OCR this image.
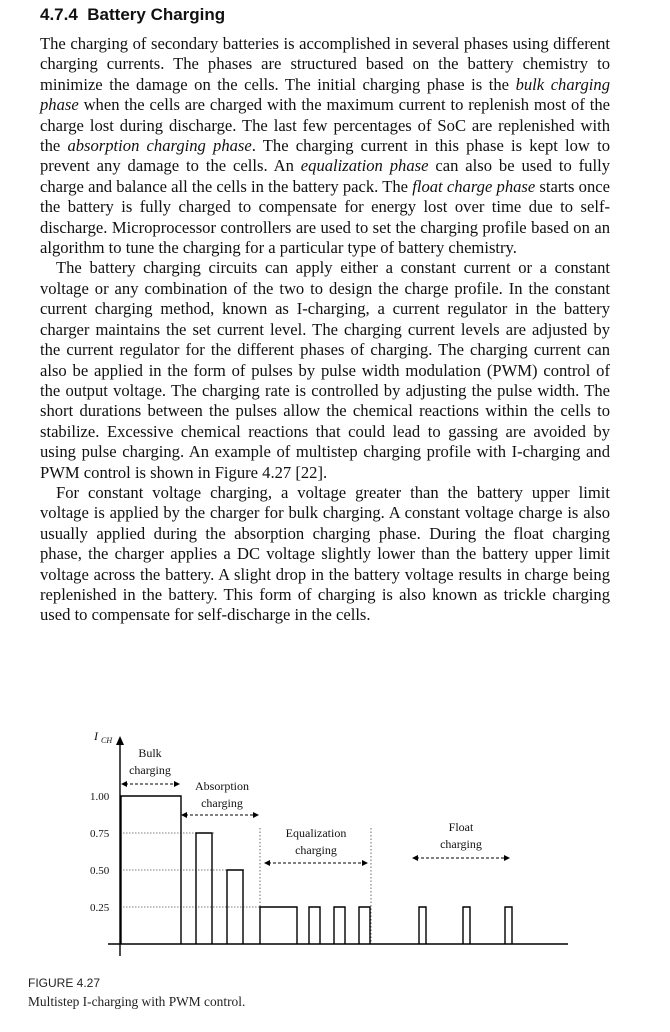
4.7.4 Battery Charging

The charging of secondary batteries is accomplished in several phases using different charging currents. The phases are structured based on the battery chemistry to minimize the damage on the cells. The initial charging phase is the bulk charging phase when the cells are charged with the maximum current to replenish most of the charge lost during discharge. The last few percentages of SoC are replenished with the absorption charging phase. The charging current in this phase is kept low to prevent any damage to the cells. An equalization phase can also be used to fully charge and balance all the cells in the battery pack. The float charge phase starts once the battery is fully charged to compensate for energy lost over time due to self-discharge. Microprocessor controllers are used to set the charging profile based on an algorithm to tune the charging for a particular type of battery chemistry.

The battery charging circuits can apply either a constant current or a constant voltage or any combination of the two to design the charge profile. In the constant current charging method, known as I-charging, a current regulator in the battery charger maintains the set current level. The charging current levels are adjusted by the current regulator for the different phases of charging. The charging current can also be applied in the form of pulses by pulse width modulation (PWM) control of the output voltage. The charging rate is controlled by adjusting the pulse width. The short durations between the pulses allow the chemical reactions within the cells to stabilize. Excessive chemical reactions that could lead to gassing are avoided by using pulse charging. An example of multistep charging profile with I-charging and PWM control is shown in Figure 4.27 [22].

For constant voltage charging, a voltage greater than the battery upper limit voltage is applied by the charger for bulk charging. A constant voltage charge is also usually applied during the absorption charging phase. During the float charging phase, the charger applies a DC voltage slightly lower than the battery upper limit voltage across the battery. A slight drop in the battery voltage results in charge being replenished in the battery. This form of charging is also known as trickle charging used to compensate for self-discharge in the cells.

1.00
0.75
0.50
0.25
I CH
Bulk
charging
Absorption
charging
Equalization
charging
Float
charging
FIGURE 4.27
Multistep I-charging with PWM control.
